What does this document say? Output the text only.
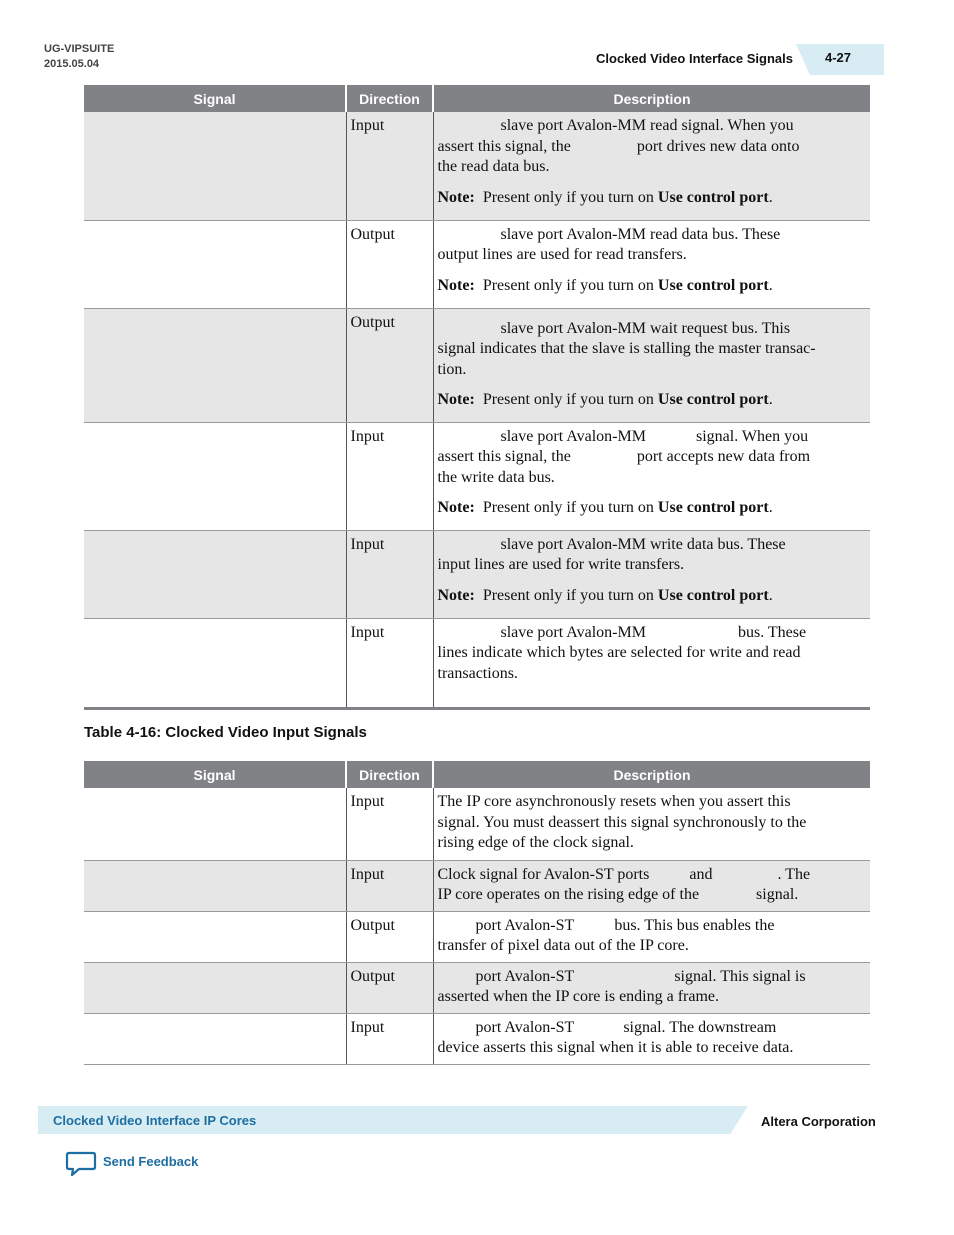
UG-VIPSUITE
2015.05.04	Clocked Video Interface Signals 4-27
Signal	Direction	Description
	Input	slave port Avalon-MM read signal. When you
assert this signal, the port drives new data onto
the read data bus.
Note: Present only if you turn on Use control port.

	Output	slave port Avalon-MM read data bus. These
output lines are used for read transfers.
Note: Present only if you turn on Use control port.

	Output	slave port Avalon-MM wait request bus. This
signal indicates that the slave is stalling the master transac-
tion.
Note: Present only if you turn on Use control port.

	Input	slave port Avalon-MM signal. When you
assert this signal, the port accepts new data from
the write data bus.
Note: Present only if you turn on Use control port.

	Input	slave port Avalon-MM write data bus. These
input lines are used for write transfers.
Note: Present only if you turn on Use control port.

	Input	slave port Avalon-MM bus. These
lines indicate which bytes are selected for write and read
transactions.
Table 4-16: Clocked Video Input Signals
Signal	Direction	Description
	Input	The IP core asynchronously resets when you assert this
signal. You must deassert this signal synchronously to the
rising edge of the clock signal.

	Input	Clock signal for Avalon-ST ports and . The
IP core operates on the rising edge of the signal.

	Output	port Avalon-ST bus. This bus enables the
transfer of pixel data out of the IP core.

	Output	port Avalon-ST signal. This signal is
asserted when the IP core is ending a frame.

	Input	port Avalon-ST signal. The downstream
device asserts this signal when it is able to receive data.
Clocked Video Interface IP Cores	Altera Corporation
Send Feedback
